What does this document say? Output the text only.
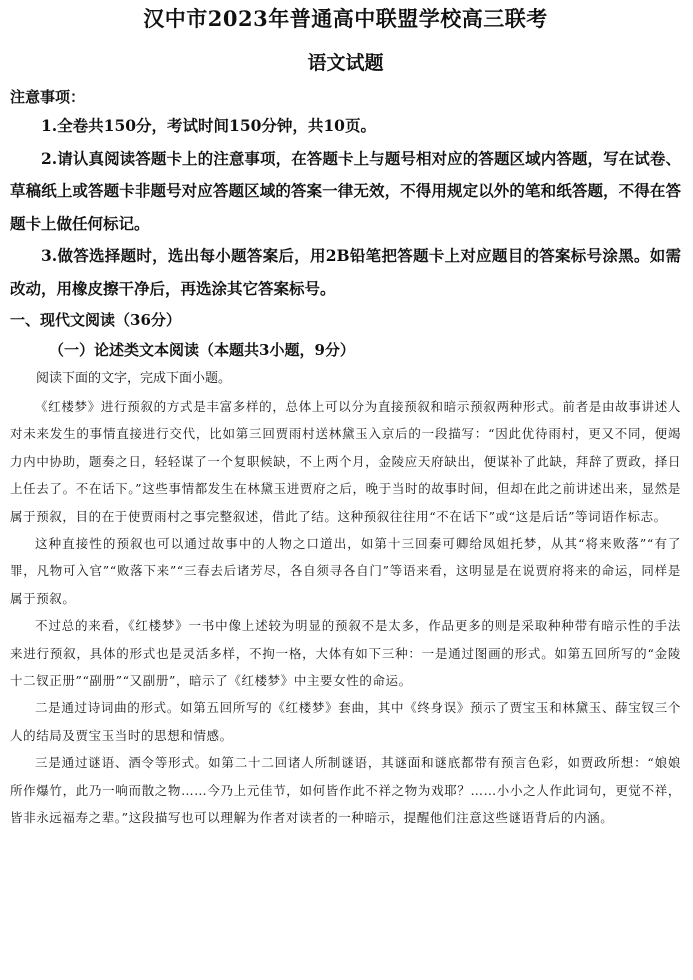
汉中市2023年普通高中联盟学校高三联考
语文试题

注意事项：

1.全卷共150分，考试时间150分钟，共10页。

2.请认真阅读答题卡上的注意事项，在答题卡上与题号相对应的答题区域内答题，写在试卷、草稿纸上或答题卡非题号对应答题区域的答案一律无效，不得用规定以外的笔和纸答题，不得在答题卡上做任何标记。

3.做答选择题时，选出每小题答案后，用2B铅笔把答题卡上对应题目的答案标号涂黑。如需改动，用橡皮擦干净后，再选涂其它答案标号。

一、现代文阅读（36分）

（一）论述类文本阅读（本题共3小题，9分）

阅读下面的文字，完成下面小题。

《红楼梦》进行预叙的方式是丰富多样的，总体上可以分为直接预叙和暗示预叙两种形式。前者是由故事讲述人对未来发生的事情直接进行交代，比如第三回贾雨村送林黛玉入京后的一段描写：“因此优待雨村，更又不同，便竭力内中协助，题奏之日，轻轻谋了一个复职候缺，不上两个月，金陵应天府缺出，便谋补了此缺，拜辞了贾政，择日上任去了。不在话下。”这些事情都发生在林黛玉进贾府之后，晚于当时的故事时间，但却在此之前讲述出来，显然是属于预叙，目的在于使贾雨村之事完整叙述，借此了结。这种预叙往往用“不在话下”或“这是后话”等词语作标志。

这种直接性的预叙也可以通过故事中的人物之口道出，如第十三回秦可卿给凤姐托梦，从其“将来败落”“有了罪，凡物可入官”“败落下来”“三春去后诸芳尽，各自须寻各自门”等语来看，这明显是在说贾府将来的命运，同样是属于预叙。

不过总的来看，《红楼梦》一书中像上述较为明显的预叙不是太多，作品更多的则是采取种种带有暗示性的手法来进行预叙，具体的形式也是灵活多样，不拘一格，大体有如下三种：一是通过图画的形式。如第五回所写的“金陵十二钗正册”“副册”“又副册”，暗示了《红楼梦》中主要女性的命运。

二是通过诗词曲的形式。如第五回所写的《红楼梦》套曲，其中《终身误》预示了贾宝玉和林黛玉、薛宝钗三个人的结局及贾宝玉当时的思想和情感。

三是通过谜语、酒令等形式。如第二十二回诸人所制谜语，其谜面和谜底都带有预言色彩，如贾政所想：“娘娘所作爆竹，此乃一响而散之物……今乃上元佳节，如何皆作此不祥之物为戏耶？……小小之人作此词句，更觉不祥，皆非永远福寿之辈。”这段描写也可以理解为作者对读者的一种暗示，提醒他们注意这些谜语背后的内涵。
